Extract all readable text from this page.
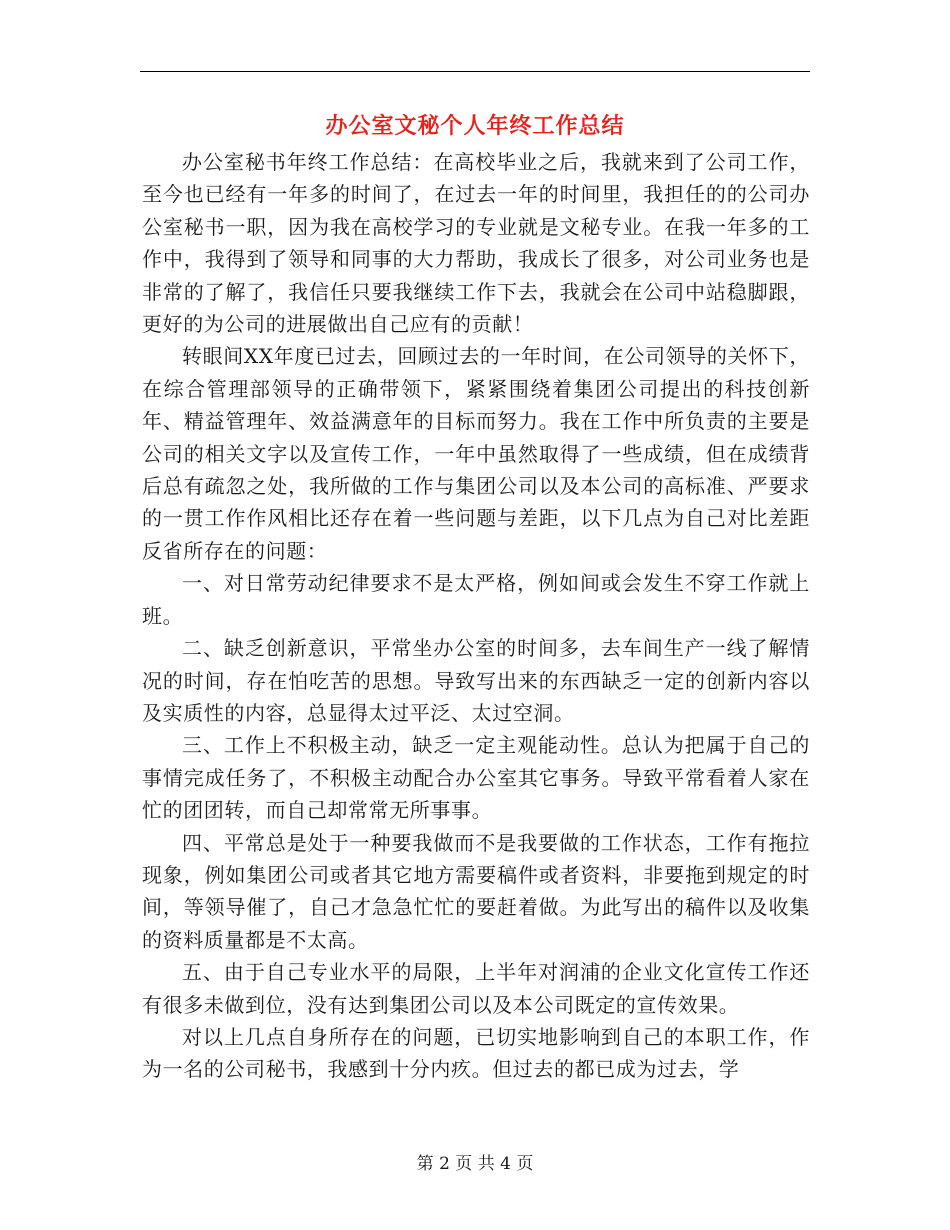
办公室文秘个人年终工作总结

办公室秘书年终工作总结：在高校毕业之后，我就来到了公司工作，至今也已经有一年多的时间了，在过去一年的时间里，我担任的的公司办公室秘书一职，因为我在高校学习的专业就是文秘专业。在我一年多的工作中，我得到了领导和同事的大力帮助，我成长了很多，对公司业务也是非常的了解了，我信任只要我继续工作下去，我就会在公司中站稳脚跟，更好的为公司的进展做出自己应有的贡献！

转眼间XX年度已过去，回顾过去的一年时间，在公司领导的关怀下，在综合管理部领导的正确带领下，紧紧围绕着集团公司提出的科技创新年、精益管理年、效益满意年的目标而努力。我在工作中所负责的主要是公司的相关文字以及宣传工作，一年中虽然取得了一些成绩，但在成绩背后总有疏忽之处，我所做的工作与集团公司以及本公司的高标准、严要求的一贯工作作风相比还存在着一些问题与差距，以下几点为自己对比差距反省所存在的问题：

一、对日常劳动纪律要求不是太严格，例如间或会发生不穿工作就上班。

二、缺乏创新意识，平常坐办公室的时间多，去车间生产一线了解情况的时间，存在怕吃苦的思想。导致写出来的东西缺乏一定的创新内容以及实质性的内容，总显得太过平泛、太过空洞。

三、工作上不积极主动，缺乏一定主观能动性。总认为把属于自己的事情完成任务了，不积极主动配合办公室其它事务。导致平常看着人家在忙的团团转，而自己却常常无所事事。

四、平常总是处于一种要我做而不是我要做的工作状态，工作有拖拉现象，例如集团公司或者其它地方需要稿件或者资料，非要拖到规定的时间，等领导催了，自己才急急忙忙的要赶着做。为此写出的稿件以及收集的资料质量都是不太高。

五、由于自己专业水平的局限，上半年对润浦的企业文化宣传工作还有很多未做到位，没有达到集团公司以及本公司既定的宣传效果。

对以上几点自身所存在的问题，已切实地影响到自己的本职工作，作为一名的公司秘书，我感到十分内疚。但过去的都已成为过去，学

第 2 页 共 4 页
